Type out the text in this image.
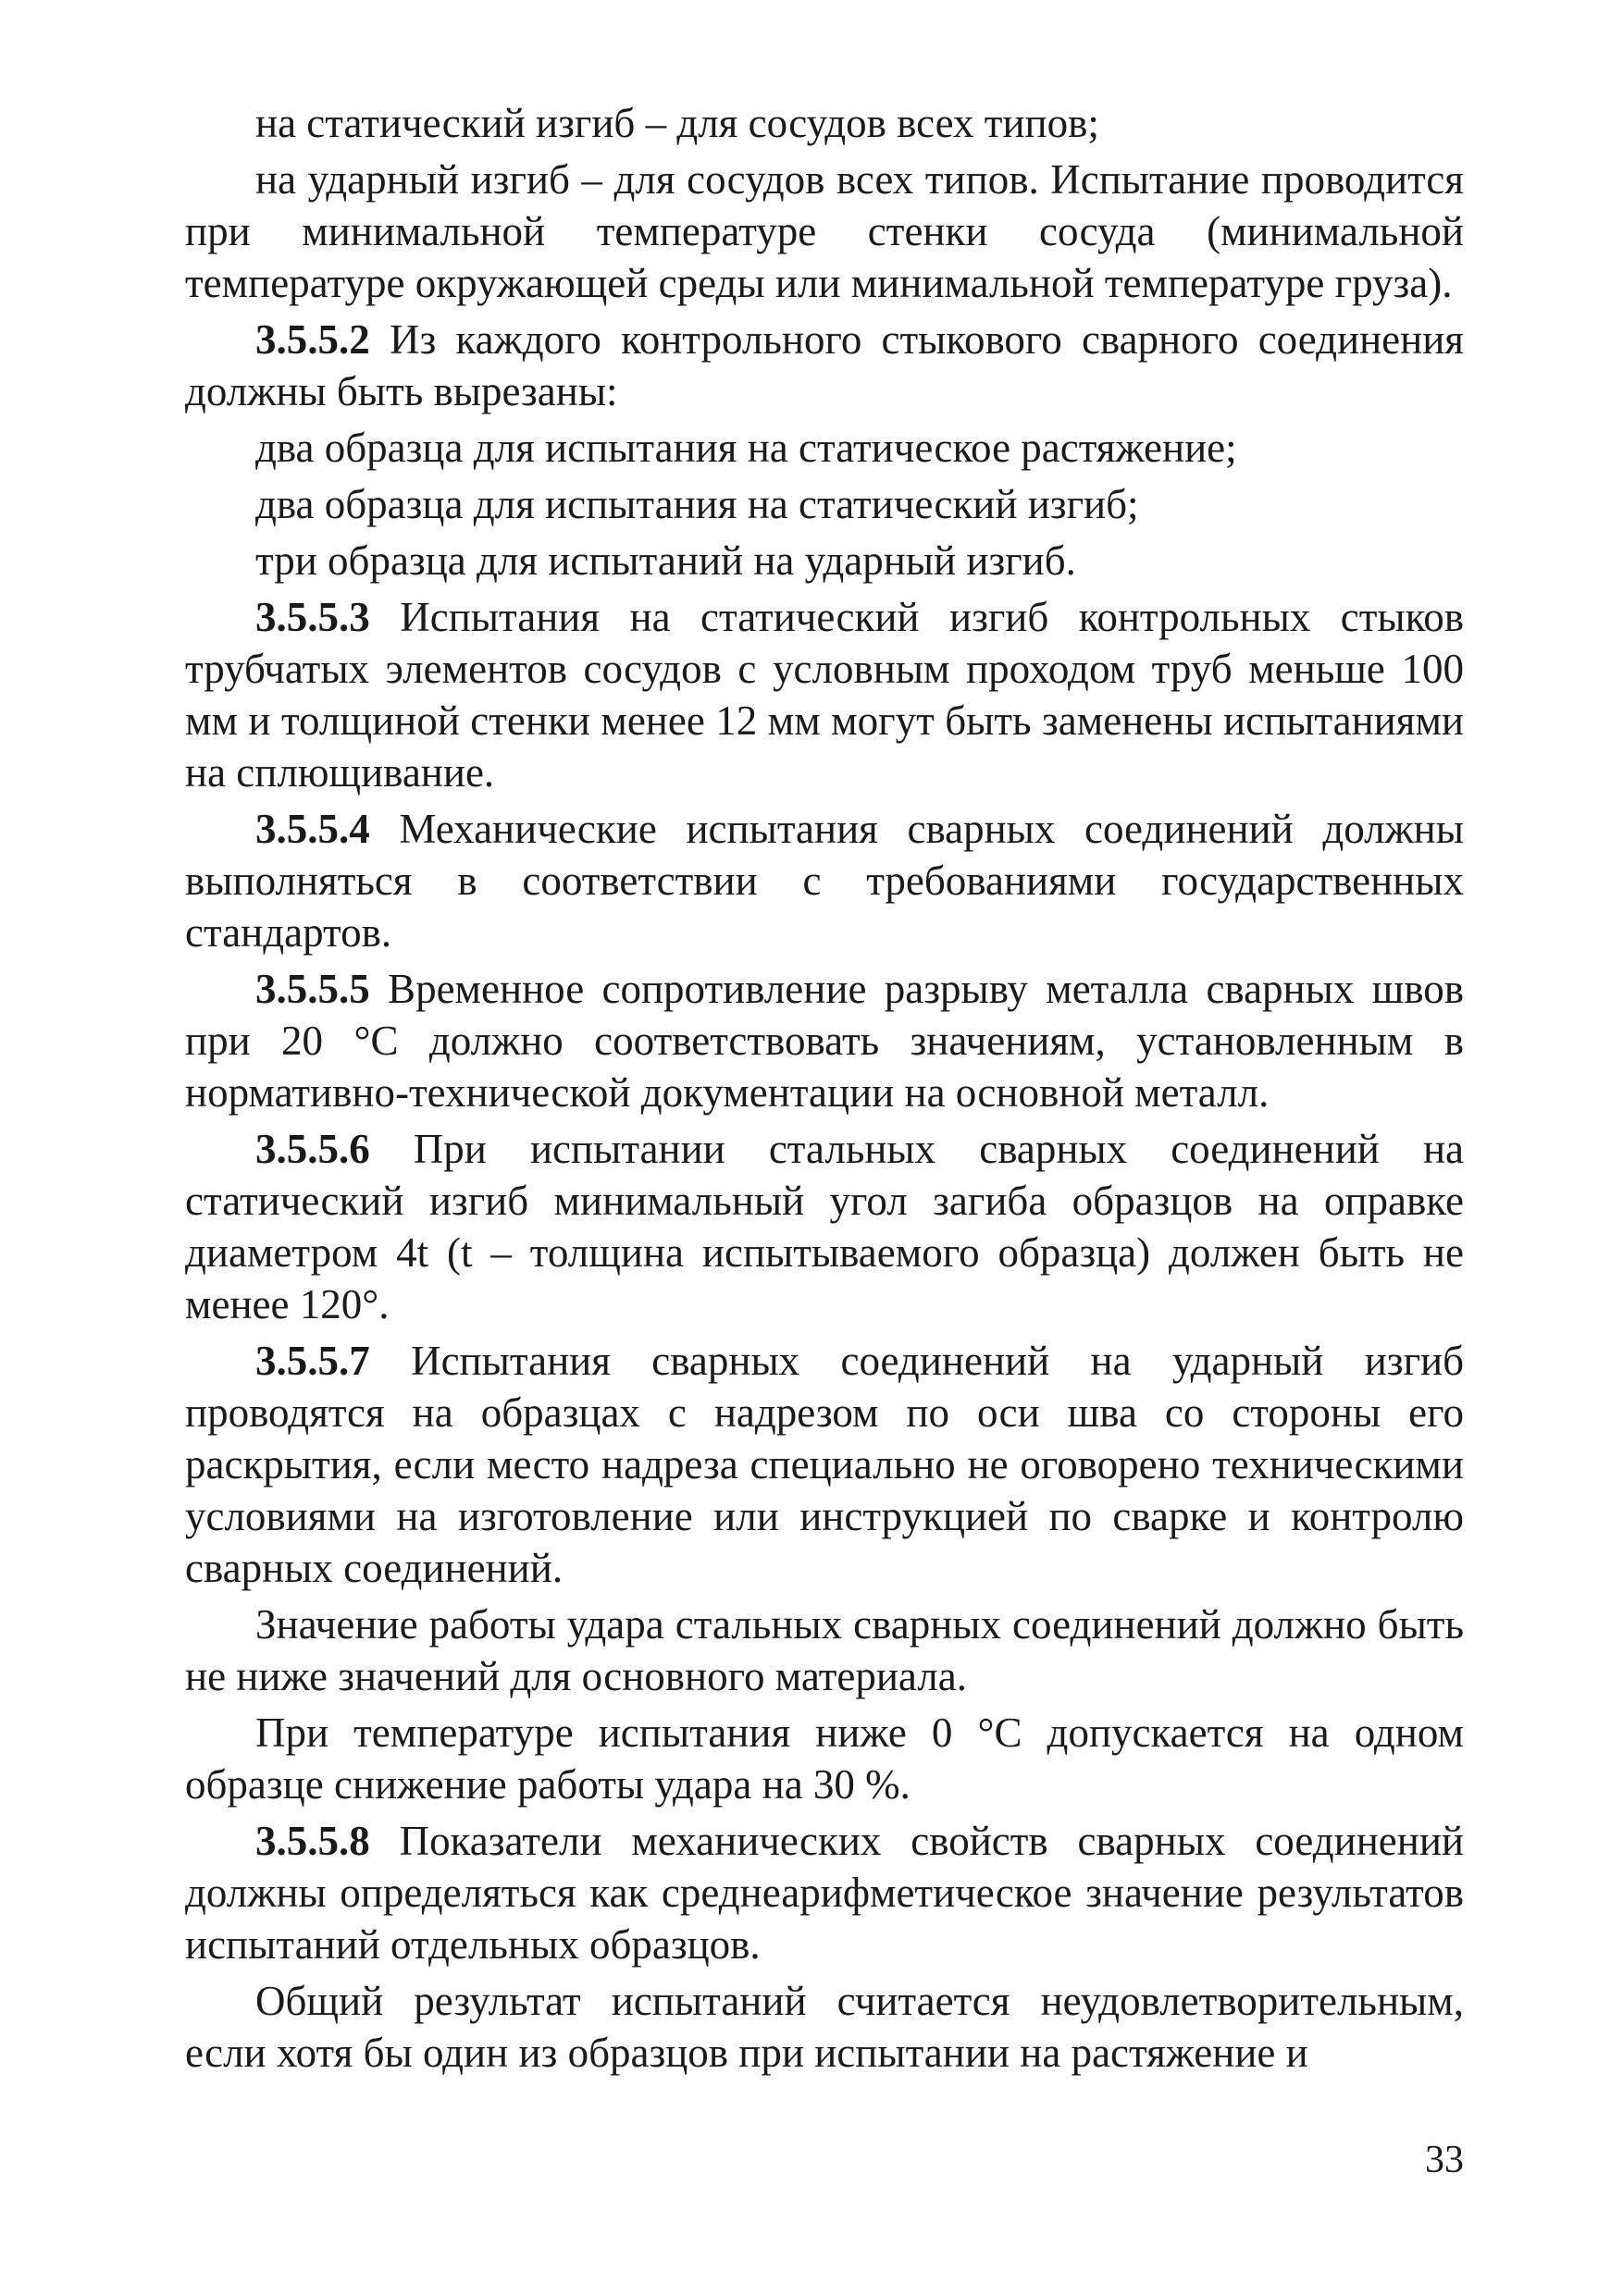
на статический изгиб – для сосудов всех типов;

на ударный изгиб – для сосудов всех типов. Испытание проводится при минимальной температуре стенки сосуда (минимальной температуре окружающей среды или минимальной температуре груза).

3.5.5.2 Из каждого контрольного стыкового сварного соединения должны быть вырезаны:

два образца для испытания на статическое растяжение;

два образца для испытания на статический изгиб;

три образца для испытаний на ударный изгиб.

3.5.5.3 Испытания на статический изгиб контрольных стыков трубчатых элементов сосудов с условным проходом труб меньше 100 мм и толщиной стенки менее 12 мм могут быть заменены испытаниями на сплющивание.

3.5.5.4 Механические испытания сварных соединений должны выполняться в соответствии с требованиями государственных стандартов.

3.5.5.5 Временное сопротивление разрыву металла сварных швов при 20 °С должно соответствовать значениям, установленным в нормативно-технической документации на основной металл.

3.5.5.6 При испытании стальных сварных соединений на статический изгиб минимальный угол загиба образцов на оправке диаметром 4t (t – толщина испытываемого образца) должен быть не менее 120°.

3.5.5.7 Испытания сварных соединений на ударный изгиб проводятся на образцах с надрезом по оси шва со стороны его раскрытия, если место надреза специально не оговорено техническими условиями на изготовление или инструкцией по сварке и контролю сварных соединений.

Значение работы удара стальных сварных соединений должно быть не ниже значений для основного материала.

При температуре испытания ниже 0 °С допускается на одном образце снижение работы удара на 30 %.

3.5.5.8 Показатели механических свойств сварных соединений должны определяться как среднеарифметическое значение результатов испытаний отдельных образцов.

Общий результат испытаний считается неудовлетворительным, если хотя бы один из образцов при испытании на растяжение и

33
